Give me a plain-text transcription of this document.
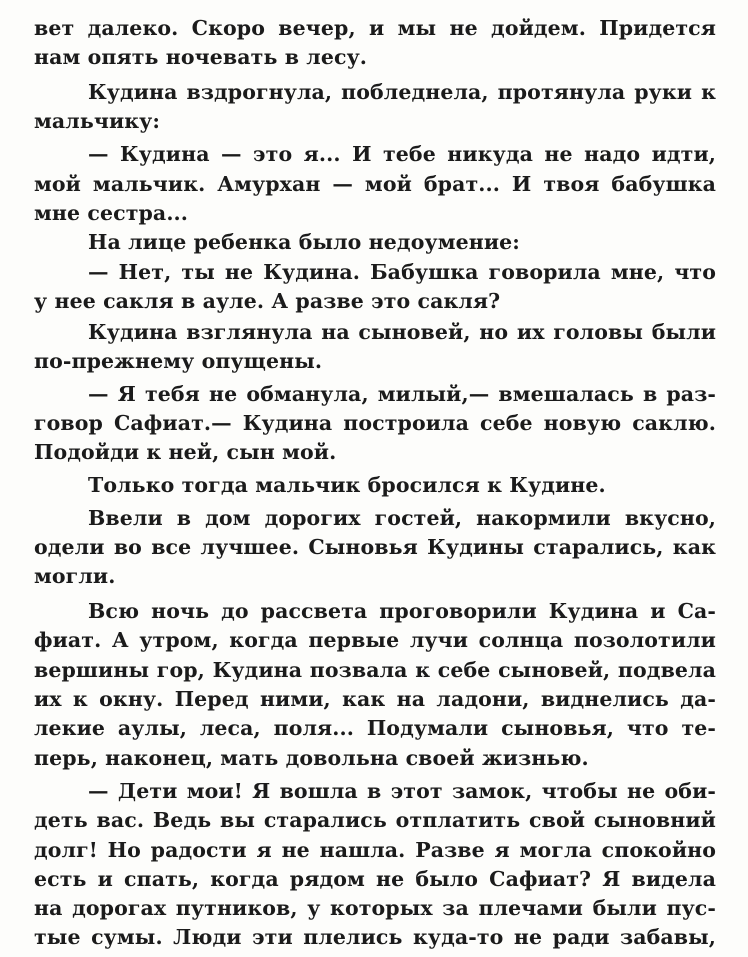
вет далеко. Скоро вечер, и мы не дойдем. Придется
нам опять ночевать в лесу.
Кудина вздрогнула, побледнела, протянула руки к
мальчику:
— Кудина — это я... И тебе никуда не надо идти,
мой мальчик. Амурхан — мой брат... И твоя бабушка
мне сестра...
На лице ребенка было недоумение:
— Нет, ты не Кудина. Бабушка говорила мне, что
у нее сакля в ауле. А разве это сакля?
Кудина взглянула на сыновей, но их головы были
по-прежнему опущены.
— Я тебя не обманула, милый,— вмешалась в раз-
говор Сафиат.— Кудина построила себе новую саклю.
Подойди к ней, сын мой.
Только тогда мальчик бросился к Кудине.
Ввели в дом дорогих гостей, накормили вкусно,
одели во все лучшее. Сыновья Кудины старались, как
могли.
Всю ночь до рассвета проговорили Кудина и Са-
фиат. А утром, когда первые лучи солнца позолотили
вершины гор, Кудина позвала к себе сыновей, подвела
их к окну. Перед ними, как на ладони, виднелись да-
лекие аулы, леса, поля... Подумали сыновья, что те-
перь, наконец, мать довольна своей жизнью.
— Дети мои! Я вошла в этот замок, чтобы не оби-
деть вас. Ведь вы старались отплатить свой сыновний
долг! Но радости я не нашла. Разве я могла спокойно
есть и спать, когда рядом не было Сафиат? Я видела
на дорогах путников, у которых за плечами были пус-
тые сумы. Люди эти плелись куда-то не ради забавы,
